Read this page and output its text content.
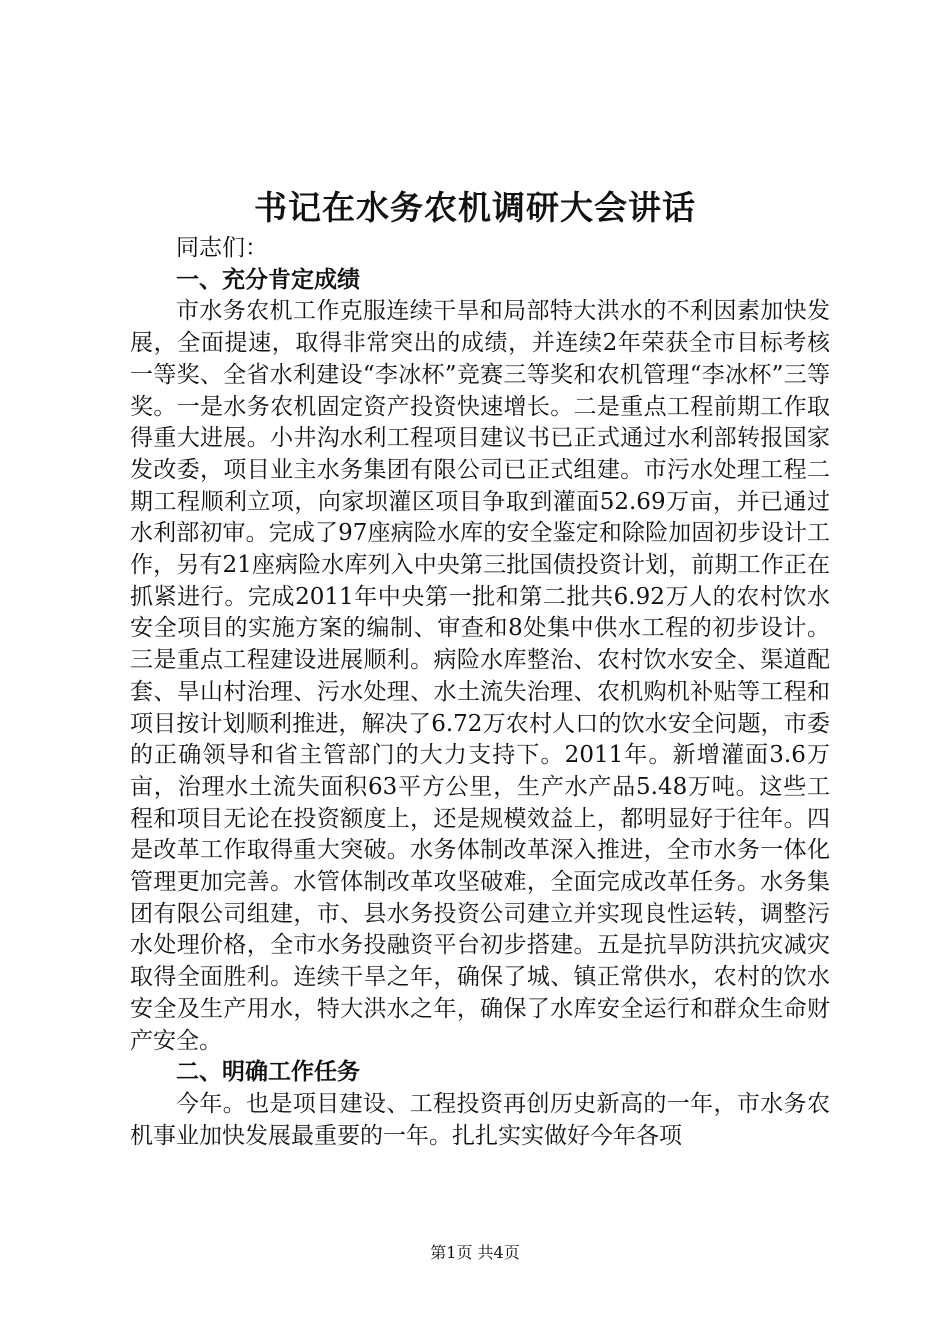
书记在水务农机调研大会讲话

同志们：

一、充分肯定成绩

市水务农机工作克服连续干旱和局部特大洪水的不利因素加快发展，全面提速，取得非常突出的成绩，并连续2年荣获全市目标考核一等奖、全省水利建设“李冰杯”竞赛三等奖和农机管理“李冰杯”三等奖。一是水务农机固定资产投资快速增长。二是重点工程前期工作取得重大进展。小井沟水利工程项目建议书已正式通过水利部转报国家发改委，项目业主水务集团有限公司已正式组建。市污水处理工程二期工程顺利立项，向家坝灌区项目争取到灌面52.69万亩，并已通过水利部初审。完成了97座病险水库的安全鉴定和除险加固初步设计工作，另有21座病险水库列入中央第三批国债投资计划，前期工作正在抓紧进行。完成2011年中央第一批和第二批共6.92万人的农村饮水安全项目的实施方案的编制、审查和8处集中供水工程的初步设计。三是重点工程建设进展顺利。病险水库整治、农村饮水安全、渠道配套、旱山村治理、污水处理、水土流失治理、农机购机补贴等工程和项目按计划顺利推进，解决了6.72万农村人口的饮水安全问题，市委的正确领导和省主管部门的大力支持下。2011年。新增灌面3.6万亩，治理水土流失面积63平方公里，生产水产品5.48万吨。这些工程和项目无论在投资额度上，还是规模效益上，都明显好于往年。四是改革工作取得重大突破。水务体制改革深入推进，全市水务一体化管理更加完善。水管体制改革攻坚破难，全面完成改革任务。水务集团有限公司组建，市、县水务投资公司建立并实现良性运转，调整污水处理价格，全市水务投融资平台初步搭建。五是抗旱防洪抗灾减灾取得全面胜利。连续干旱之年，确保了城、镇正常供水，农村的饮水安全及生产用水，特大洪水之年，确保了水库安全运行和群众生命财产安全。

二、明确工作任务

今年。也是项目建设、工程投资再创历史新高的一年，市水务农机事业加快发展最重要的一年。扎扎实实做好今年各项

第1页 共4页
